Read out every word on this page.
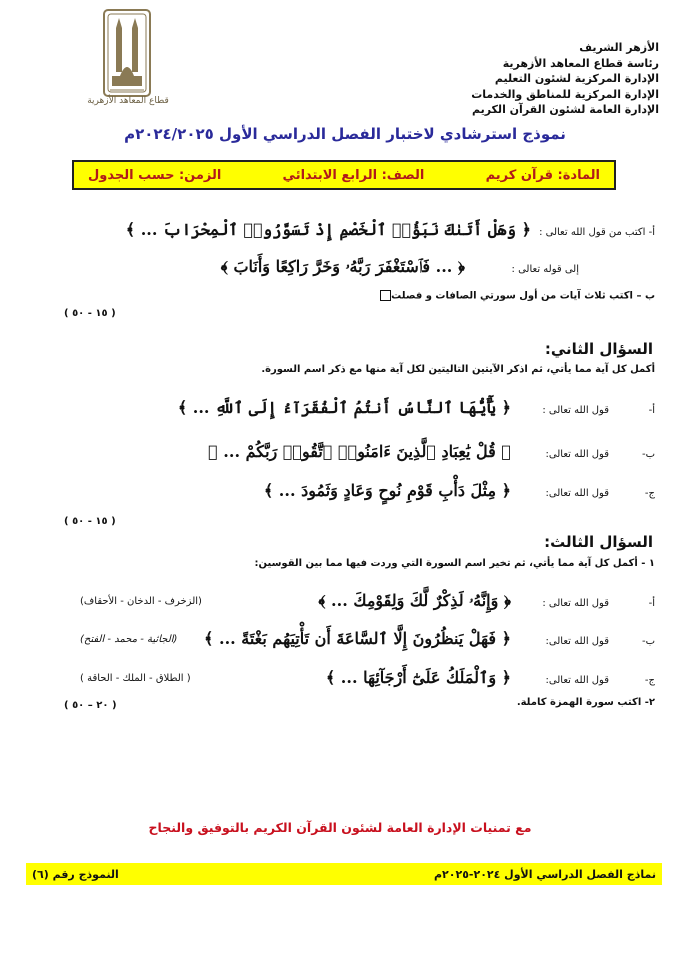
قطاع المعاهد الأزهرية
الأزهر الشريف
رئاسة قطاع المعاهد الأزهرية
الإدارة المركزية لشئون التعليم
الإدارة المركزية للمناطق والخدمات
الإدارة العامة لشئون القرآن الكريم
نموذج استرشادي لاختبار الفصل الدراسي الأول ٢٠٢٤/٢٠٢٥م
المادة: قرآن كريم
الصف: الرابع الابتدائي
الزمن: حسب الجدول
أ- اكتب من قول الله تعالى :
﴿ وَهَلْ أَتَىٰكَ نَبَؤُا۟ ٱلْخَصْمِ إِذْ تَسَوَّرُوا۟ ٱلْمِحْرَابَ ... ﴾
إلى قوله تعالى :
﴿ ... فَٱسْتَغْفَرَ رَبَّهُۥ وَخَرَّ رَاكِعًا وَأَنَابَ ﴾
ب – اكتب ثلاث آيات من أول سورتي الصافات و فصلت
( ١٥ - ٥٠ )
السؤال الثاني:
أكمل كل آية مما يأتي، ثم اذكر الآيتين التاليتين لكل آية منها مع ذكر اسم السورة.
أ-
قول الله تعالى :
﴿ يَٰٓأَيُّهَا ٱلنَّاسُ أَنتُمُ ٱلْفُقَرَآءُ إِلَى ٱللَّهِ ... ﴾
ب-
قول الله تعالى:
﴿ قُلْ يَٰعِبَادِ ٱلَّذِينَ ءَامَنُوا۟ ٱتَّقُوا۟ رَبَّكُمْ ... ﴾
ج-
قول الله تعالى:
﴿ مِثْلَ دَأْبِ قَوْمِ نُوحٍ وَعَادٍ وَثَمُودَ ... ﴾
( ١٥ - ٥٠ )
السؤال الثالث:
١ - أكمل كل آية مما يأتي، ثم تخير اسم السورة التي وردت فيها مما بين القوسين:
أ-
قول الله تعالى :
﴿ وَإِنَّهُۥ لَذِكْرٌ لَّكَ وَلِقَوْمِكَ ... ﴾
(الزخرف - الدخان - الأحقاف)
ب-
قول الله تعالى:
﴿ فَهَلْ يَنظُرُونَ إِلَّا ٱلسَّاعَةَ أَن تَأْتِيَهُم بَغْتَةً ... ﴾
(الجاثية - محمد - الفتح)
ج-
قول الله تعالى:
﴿ وَٱلْمَلَكُ عَلَىٰٓ أَرْجَآئِهَا ... ﴾
( الطلاق - الملك - الحاقة )
٢- اكتب سورة الهمزة كاملة.
( ٢٠ – ٥٠ )
مع تمنيات الإدارة العامة لشئون القرآن الكريم بالتوفيق والنجاح
نماذج الفصل الدراسي الأول ٢٠٢٤-٢٠٢٥م
النموذج رقم (٦)
